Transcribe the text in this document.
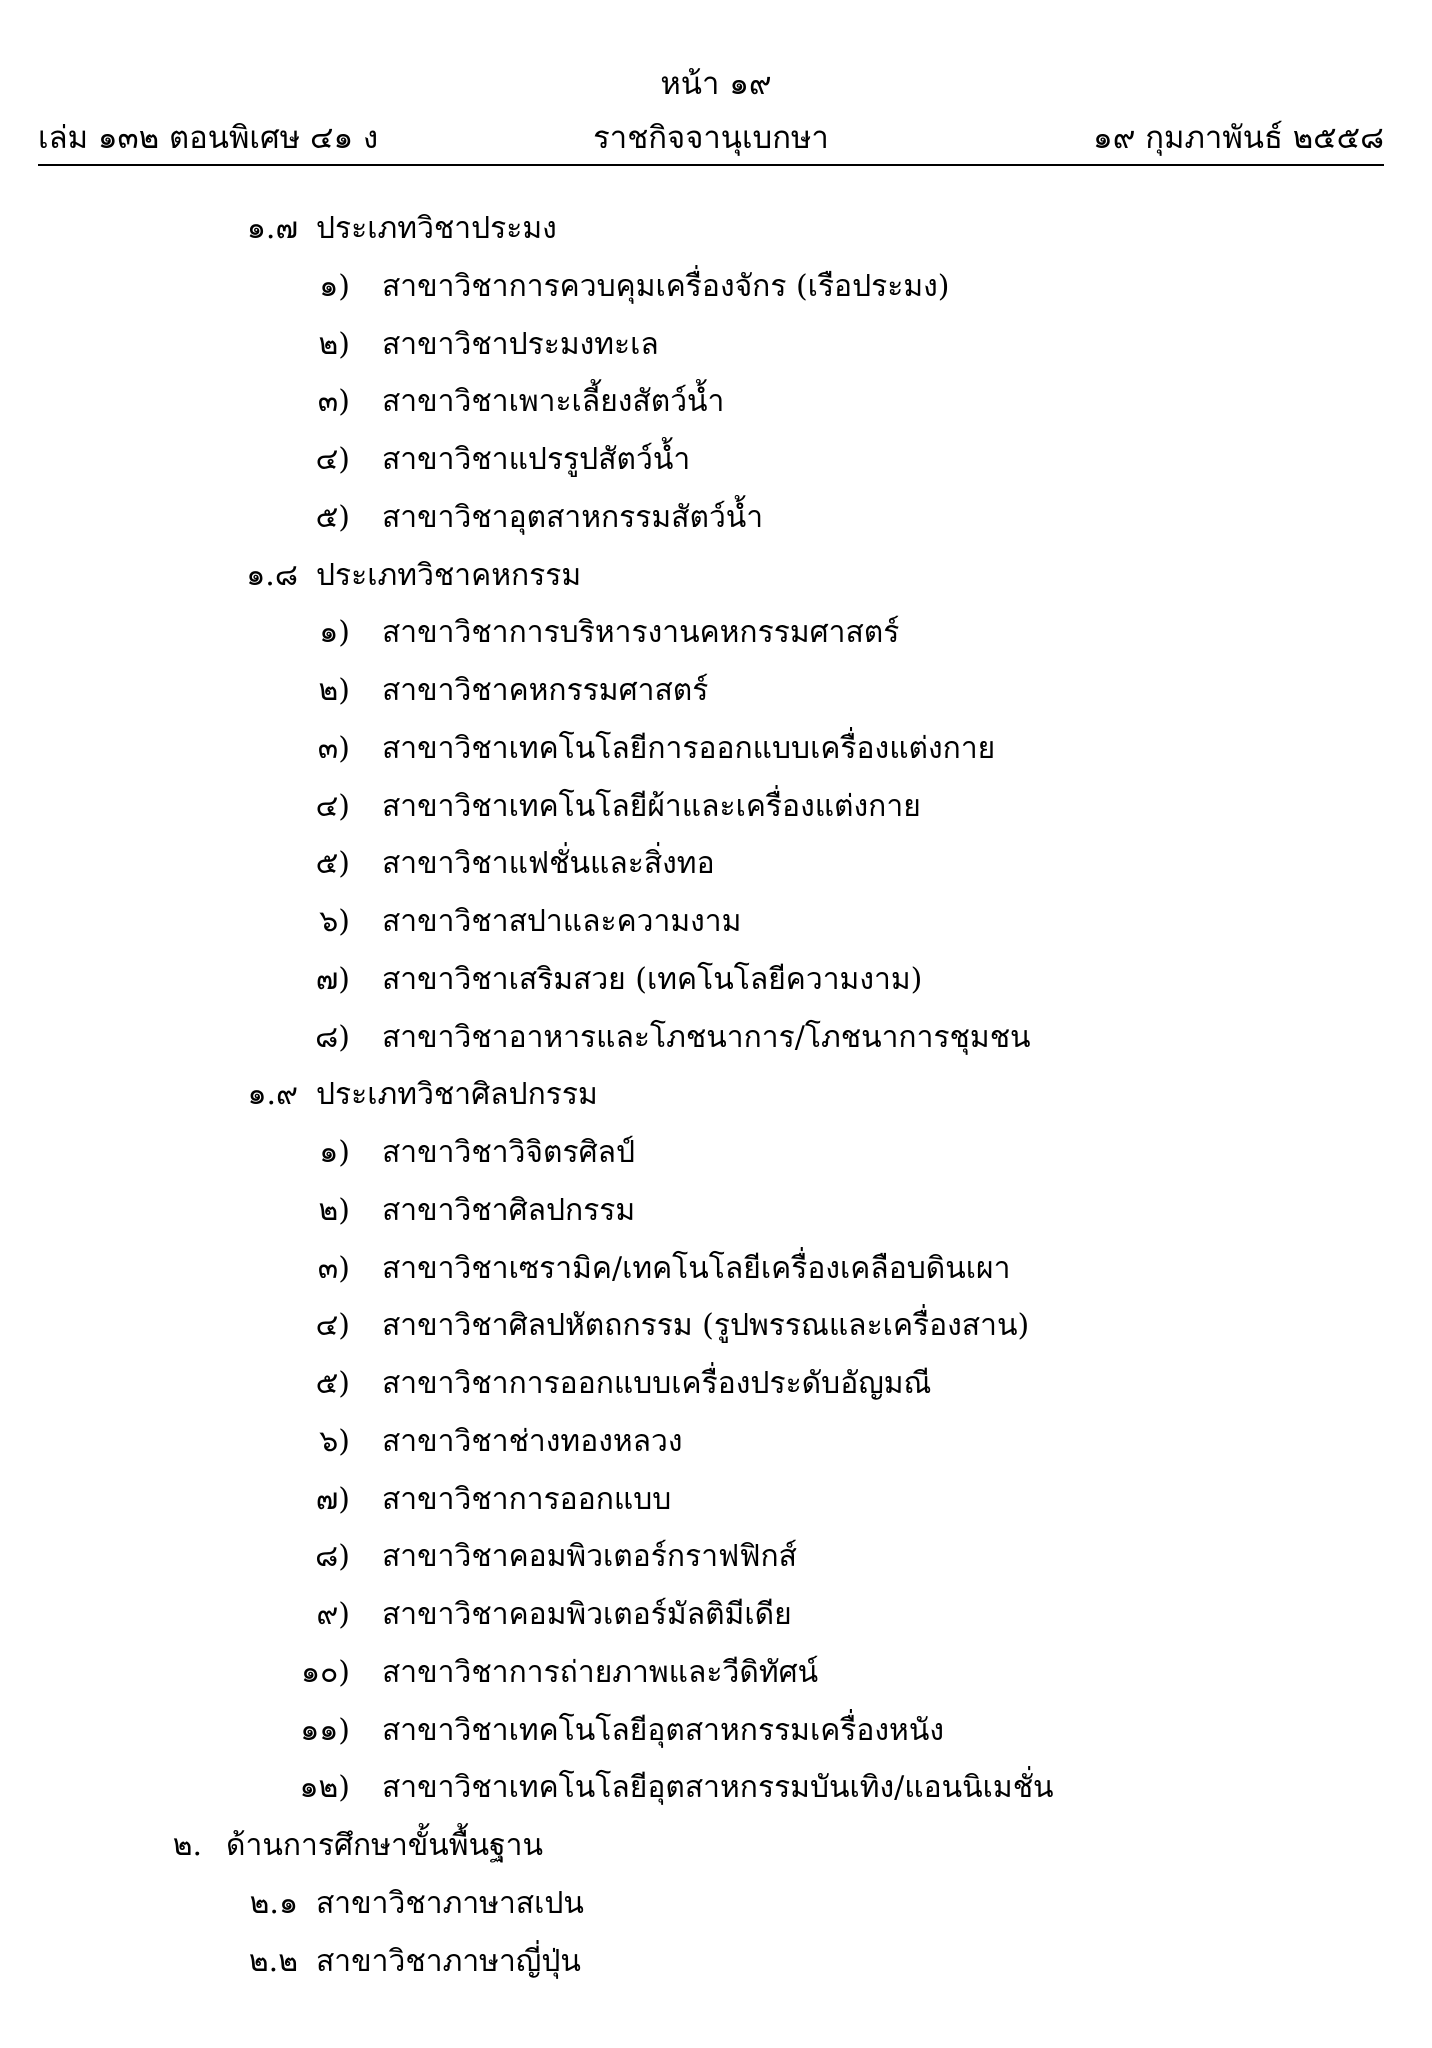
หน้า ๑๙
เล่ม ๑๓๒ ตอนพิเศษ ๔๑ ง	ราชกิจจานุเบกษา	๑๙ กุมภาพันธ์ ๒๕๕๘
๑.๗ ประเภทวิชาประมง
๑) สาขาวิชาการควบคุมเครื่องจักร (เรือประมง)
๒) สาขาวิชาประมงทะเล
๓) สาขาวิชาเพาะเลี้ยงสัตว์น้ำ
๔) สาขาวิชาแปรรูปสัตว์น้ำ
๕) สาขาวิชาอุตสาหกรรมสัตว์น้ำ
๑.๘ ประเภทวิชาคหกรรม
๑) สาขาวิชาการบริหารงานคหกรรมศาสตร์
๒) สาขาวิชาคหกรรมศาสตร์
๓) สาขาวิชาเทคโนโลยีการออกแบบเครื่องแต่งกาย
๔) สาขาวิชาเทคโนโลยีผ้าและเครื่องแต่งกาย
๕) สาขาวิชาแฟชั่นและสิ่งทอ
๖) สาขาวิชาสปาและความงาม
๗) สาขาวิชาเสริมสวย (เทคโนโลยีความงาม)
๘) สาขาวิชาอาหารและโภชนาการ/โภชนาการชุมชน
๑.๙ ประเภทวิชาศิลปกรรม
๑) สาขาวิชาวิจิตรศิลป์
๒) สาขาวิชาศิลปกรรม
๓) สาขาวิชาเซรามิค/เทคโนโลยีเครื่องเคลือบดินเผา
๔) สาขาวิชาศิลปหัตถกรรม (รูปพรรณและเครื่องสาน)
๕) สาขาวิชาการออกแบบเครื่องประดับอัญมณี
๖) สาขาวิชาช่างทองหลวง
๗) สาขาวิชาการออกแบบ
๘) สาขาวิชาคอมพิวเตอร์กราฟฟิกส์
๙) สาขาวิชาคอมพิวเตอร์มัลติมีเดีย
๑๐) สาขาวิชาการถ่ายภาพและวีดิทัศน์
๑๑) สาขาวิชาเทคโนโลยีอุตสาหกรรมเครื่องหนัง
๑๒) สาขาวิชาเทคโนโลยีอุตสาหกรรมบันเทิง/แอนนิเมชั่น
๒. ด้านการศึกษาขั้นพื้นฐาน
๒.๑ สาขาวิชาภาษาสเปน
๒.๒ สาขาวิชาภาษาญี่ปุ่น
